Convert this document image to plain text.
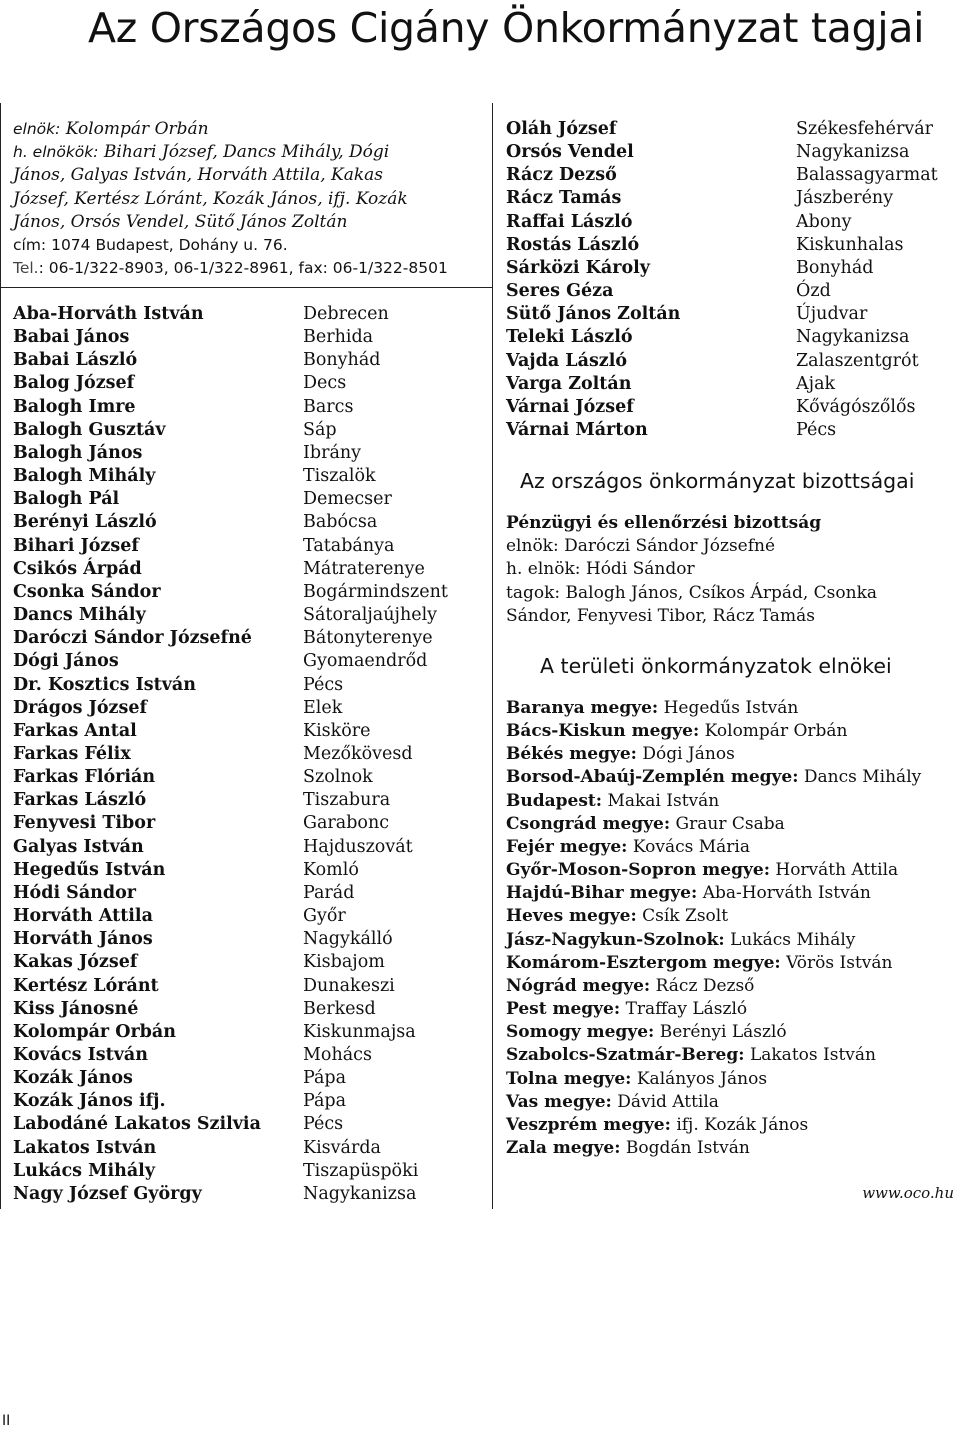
Az Országos Cigány Önkormányzat tagjai
elnök: Kolompár Orbán
h. elnökök: Bihari József, Dancs Mihály, Dógi
János, Galyas István, Horváth Attila, Kakas
József, Kertész Lóránt, Kozák János, ifj. Kozák
János, Orsós Vendel, Sütő János Zoltán
cím: 1074 Budapest, Dohány u. 76.
Tel.: 06-1/322-8903, 06-1/322-8961, fax: 06-1/322-8501
Aba-Horváth István	Debrecen
Babai János	Berhida
Babai László	Bonyhád
Balog József	Decs
Balogh Imre	Barcs
Balogh Gusztáv	Sáp
Balogh János	Ibrány
Balogh Mihály	Tiszalök
Balogh Pál	Demecser
Berényi László	Babócsa
Bihari József	Tatabánya
Csikós Árpád	Mátraterenye
Csonka Sándor	Bogármindszent
Dancs Mihály	Sátoraljaújhely
Daróczi Sándor Józsefné	Bátonyterenye
Dógi János	Gyomaendrőd
Dr. Kosztics István	Pécs
Drágos József	Elek
Farkas Antal	Kisköre
Farkas Félix	Mezőkövesd
Farkas Flórián	Szolnok
Farkas László	Tiszabura
Fenyvesi Tibor	Garabonc
Galyas István	Hajduszovát
Hegedűs István	Komló
Hódi Sándor	Parád
Horváth Attila	Győr
Horváth János	Nagykálló
Kakas József	Kisbajom
Kertész Lóránt	Dunakeszi
Kiss Jánosné	Berkesd
Kolompár Orbán	Kiskunmajsa
Kovács István	Mohács
Kozák János	Pápa
Kozák János ifj.	Pápa
Labodáné Lakatos Szilvia	Pécs
Lakatos István	Kisvárda
Lukács Mihály	Tiszapüspöki
Nagy József György	Nagykanizsa
Oláh József	Székesfehérvár
Orsós Vendel	Nagykanizsa
Rácz Dezső	Balassagyarmat
Rácz Tamás	Jászberény
Raffai László	Abony
Rostás László	Kiskunhalas
Sárközi Károly	Bonyhád
Seres Géza	Ózd
Sütő János Zoltán	Újudvar
Teleki László	Nagykanizsa
Vajda László	Zalaszentgrót
Varga Zoltán	Ajak
Várnai József	Kővágószőlős
Várnai Márton	Pécs
Az országos önkormányzat bizottságai
Pénzügyi és ellenőrzési bizottság
elnök: Daróczi Sándor Józsefné
h. elnök: Hódi Sándor
tagok: Balogh János, Csíkos Árpád, Csonka
Sándor, Fenyvesi Tibor, Rácz Tamás
A területi önkormányzatok elnökei
Baranya megye: Hegedűs István
Bács-Kiskun megye: Kolompár Orbán
Békés megye: Dógi János
Borsod-Abaúj-Zemplén megye: Dancs Mihály
Budapest: Makai István
Csongrád megye: Graur Csaba
Fejér megye: Kovács Mária
Győr-Moson-Sopron megye: Horváth Attila
Hajdú-Bihar megye: Aba-Horváth István
Heves megye: Csík Zsolt
Jász-Nagykun-Szolnok: Lukács Mihály
Komárom-Esztergom megye: Vörös István
Nógrád megye: Rácz Dezső
Pest megye: Traffay László
Somogy megye: Berényi László
Szabolcs-Szatmár-Bereg: Lakatos István
Tolna megye: Kalányos János
Vas megye: Dávid Attila
Veszprém megye: ifj. Kozák János
Zala megye: Bogdán István
www.oco.hu
II
